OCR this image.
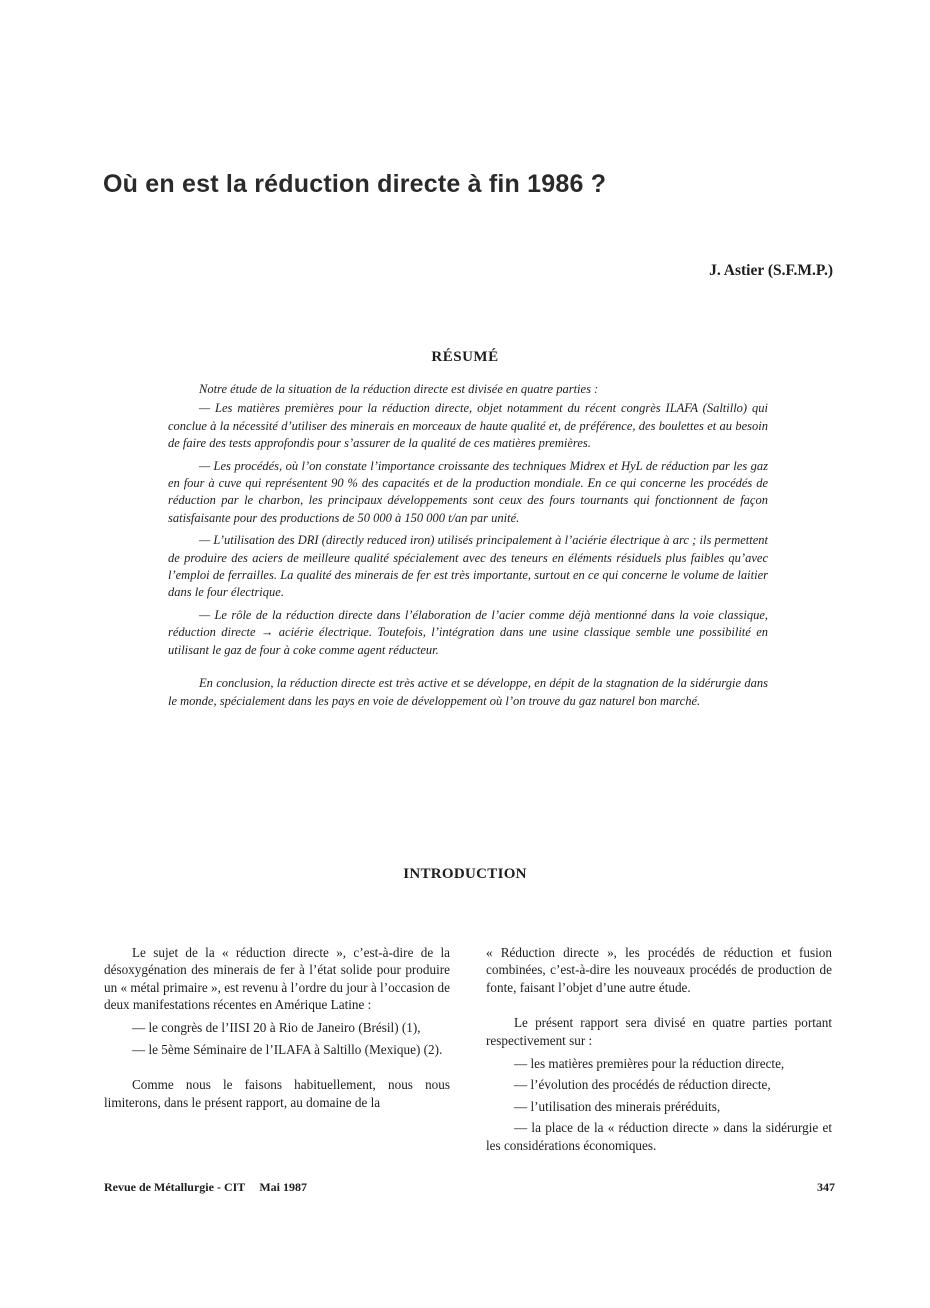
Où en est la réduction directe à fin 1986 ?

J. Astier (S.F.M.P.)

RÉSUMÉ

Notre étude de la situation de la réduction directe est divisée en quatre parties :

— Les matières premières pour la réduction directe, objet notamment du récent congrès ILAFA (Saltillo) qui conclue à la nécessité d’utiliser des minerais en morceaux de haute qualité et, de préférence, des boulettes et au besoin de faire des tests approfondis pour s’assurer de la qualité de ces matières premières.

— Les procédés, où l’on constate l’importance croissante des techniques Midrex et HyL de réduction par les gaz en four à cuve qui représentent 90 % des capacités et de la production mondiale. En ce qui concerne les procédés de réduction par le charbon, les principaux développements sont ceux des fours tournants qui fonctionnent de façon satisfaisante pour des productions de 50 000 à 150 000 t/an par unité.

— L’utilisation des DRI (directly reduced iron) utilisés principalement à l’aciérie électrique à arc ; ils permettent de produire des aciers de meilleure qualité spécialement avec des teneurs en éléments résiduels plus faibles qu’avec l’emploi de ferrailles. La qualité des minerais de fer est très importante, surtout en ce qui concerne le volume de laitier dans le four électrique.

— Le rôle de la réduction directe dans l’élaboration de l’acier comme déjà mentionné dans la voie classique, réduction directe → aciérie électrique. Toutefois, l’intégration dans une usine classique semble une possibilité en utilisant le gaz de four à coke comme agent réducteur.

En conclusion, la réduction directe est très active et se développe, en dépit de la stagnation de la sidérurgie dans le monde, spécialement dans les pays en voie de développement où l’on trouve du gaz naturel bon marché.

INTRODUCTION

Le sujet de la « réduction directe », c’est-à-dire de la désoxygénation des minerais de fer à l’état solide pour produire un « métal primaire », est revenu à l’ordre du jour à l’occasion de deux manifestations récentes en Amérique Latine :

— le congrès de l’IISI 20 à Rio de Janeiro (Brésil) (1),

— le 5ème Séminaire de l’ILAFA à Saltillo (Mexique) (2).

Comme nous le faisons habituellement, nous nous limiterons, dans le présent rapport, au domaine de la

« Réduction directe », les procédés de réduction et fusion combinées, c’est-à-dire les nouveaux procédés de production de fonte, faisant l’objet d’une autre étude.

Le présent rapport sera divisé en quatre parties portant respectivement sur :

— les matières premières pour la réduction directe,
— l’évolution des procédés de réduction directe,
— l’utilisation des minerais préréduits,
— la place de la « réduction directe » dans la sidérurgie et les considérations économiques.

Revue de Métallurgie - CIT Mai 1987	347
